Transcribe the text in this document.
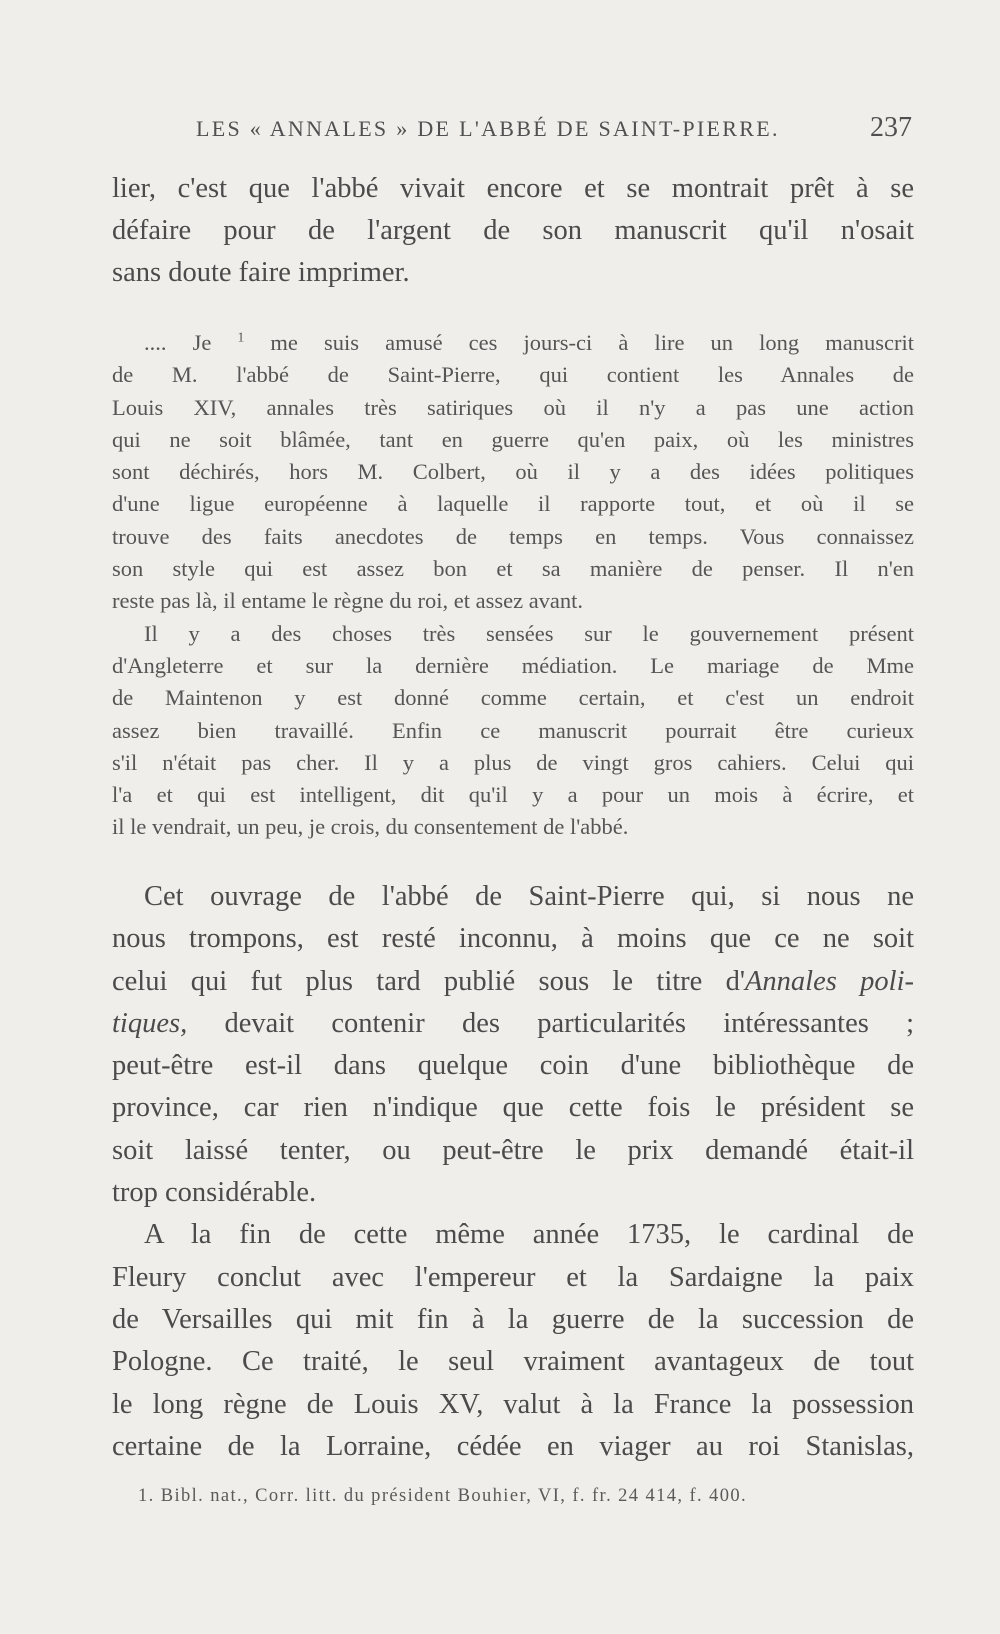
LES « ANNALES » DE L'ABBÉ DE SAINT-PIERRE.	237
lier, c'est que l'abbé vivait encore et se montrait prêt à se
défaire pour de l'argent de son manuscrit qu'il n'osait
sans doute faire imprimer.
.... Je $^1$ me suis amusé ces jours-ci à lire un long manuscrit
de M. l'abbé de Saint-Pierre, qui contient les Annales de
Louis XIV, annales très satiriques où il n'y a pas une action
qui ne soit blâmée, tant en guerre qu'en paix, où les ministres
sont déchirés, hors M. Colbert, où il y a des idées politiques
d'une ligue européenne à laquelle il rapporte tout, et où il se
trouve des faits anecdotes de temps en temps. Vous connaissez
son style qui est assez bon et sa manière de penser. Il n'en
reste pas là, il entame le règne du roi, et assez avant.
Il y a des choses très sensées sur le gouvernement présent
d'Angleterre et sur la dernière médiation. Le mariage de Mme
de Maintenon y est donné comme certain, et c'est un endroit
assez bien travaillé. Enfin ce manuscrit pourrait être curieux
s'il n'était pas cher. Il y a plus de vingt gros cahiers. Celui qui
l'a et qui est intelligent, dit qu'il y a pour un mois à écrire, et
il le vendrait, un peu, je crois, du consentement de l'abbé.
Cet ouvrage de l'abbé de Saint-Pierre qui, si nous ne
nous trompons, est resté inconnu, à moins que ce ne soit
celui qui fut plus tard publié sous le titre d'Annales poli-
tiques, devait contenir des particularités intéressantes ;
peut-être est-il dans quelque coin d'une bibliothèque de
province, car rien n'indique que cette fois le président se
soit laissé tenter, ou peut-être le prix demandé était-il
trop considérable.
A la fin de cette même année 1735, le cardinal de
Fleury conclut avec l'empereur et la Sardaigne la paix
de Versailles qui mit fin à la guerre de la succession de
Pologne. Ce traité, le seul vraiment avantageux de tout
le long règne de Louis XV, valut à la France la possession
certaine de la Lorraine, cédée en viager au roi Stanislas,
1. Bibl. nat., Corr. litt. du président Bouhier, VI, f. fr. 24 414, f. 400.
